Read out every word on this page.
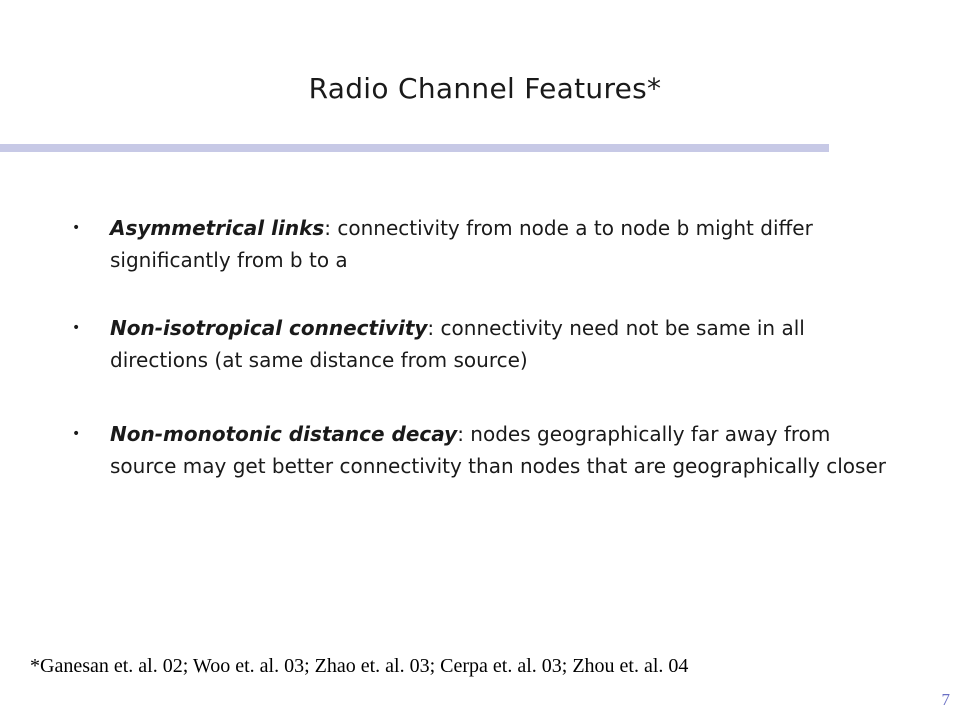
Radio Channel Features*
• Asymmetrical links: connectivity from node a to node b might differ significantly from b to a
• Non-isotropical connectivity: connectivity need not be same in all directions (at same distance from source)
• Non-monotonic distance decay: nodes geographically far away from source may get better connectivity than nodes that are geographically closer
*Ganesan et. al. 02; Woo et. al. 03; Zhao et. al. 03; Cerpa et. al. 03; Zhou et. al. 04
7
